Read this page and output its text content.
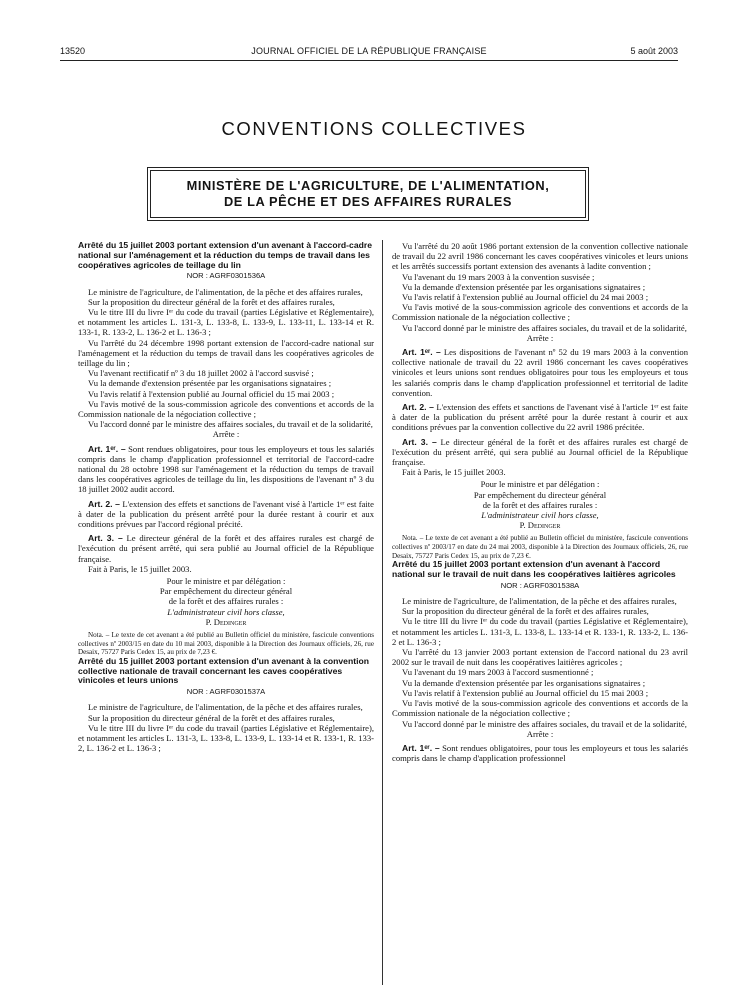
13520	JOURNAL OFFICIEL DE LA RÉPUBLIQUE FRANÇAISE	5 août 2003
CONVENTIONS COLLECTIVES
MINISTÈRE DE L'AGRICULTURE, DE L'ALIMENTATION,
DE LA PÊCHE ET DES AFFAIRES RURALES
Arrêté du 15 juillet 2003 portant extension d'un avenant à l'accord-cadre national sur l'aménagement et la réduction du temps de travail dans les coopératives agricoles de teillage du lin
NOR : AGRF0301536A

Le ministre de l'agriculture, de l'alimentation, de la pêche et des affaires rurales,

Sur la proposition du directeur général de la forêt et des affaires rurales,

Vu le titre III du livre Iᵉʳ du code du travail (parties Législative et Réglementaire), et notamment les articles L. 131-3, L. 133-8, L. 133-9, L. 133-11, L. 133-14 et R. 133-1, R. 133-2, L. 136-2 et L. 136-3 ;

Vu l'arrêté du 24 décembre 1998 portant extension de l'accord-cadre national sur l'aménagement et la réduction du temps de travail dans les coopératives agricoles de teillage du lin ;

Vu l'avenant rectificatif nº 3 du 18 juillet 2002 à l'accord susvisé ;

Vu la demande d'extension présentée par les organisations signataires ;

Vu l'avis relatif à l'extension publié au Journal officiel du 15 mai 2003 ;

Vu l'avis motivé de la sous-commission agricole des conventions et accords de la Commission nationale de la négociation collective ;

Vu l'accord donné par le ministre des affaires sociales, du travail et de la solidarité,

Arrête :

Art. 1ᵉʳ. – Sont rendues obligatoires, pour tous les employeurs et tous les salariés compris dans le champ d'application professionnel et territorial de l'accord-cadre national du 28 octobre 1998 sur l'aménagement et la réduction du temps de travail dans les coopératives agricoles de teillage du lin, les dispositions de l'avenant nº 3 du 18 juillet 2002 audit accord.

Art. 2. – L'extension des effets et sanctions de l'avenant visé à l'article 1ᵉʳ est faite à dater de la publication du présent arrêté pour la durée restant à courir et aux conditions prévues par l'accord régional précité.

Art. 3. – Le directeur général de la forêt et des affaires rurales est chargé de l'exécution du présent arrêté, qui sera publié au Journal officiel de la République française.

Fait à Paris, le 15 juillet 2003.

Pour le ministre et par délégation :
Par empêchement du directeur général
de la forêt et des affaires rurales :
L'administrateur civil hors classe,
P. Dedinger

Nota. – Le texte de cet avenant a été publié au Bulletin officiel du ministère, fascicule conventions collectives nº 2003/15 en date du 10 mai 2003, disponible à la Direction des Journaux officiels, 26, rue Desaix, 75727 Paris Cedex 15, au prix de 7,23 €.

Arrêté du 15 juillet 2003 portant extension d'un avenant à la convention collective nationale de travail concernant les caves coopératives vinicoles et leurs unions
NOR : AGRF0301537A

Le ministre de l'agriculture, de l'alimentation, de la pêche et des affaires rurales,

Sur la proposition du directeur général de la forêt et des affaires rurales,

Vu le titre III du livre Iᵉʳ du code du travail (parties Législative et Réglementaire), et notamment les articles L. 131-3, L. 133-8, L. 133-9, L. 133-14 et R. 133-1, R. 133-2, L. 136-2 et L. 136-3 ;

Vu l'arrêté du 20 août 1986 portant extension de la convention collective nationale de travail du 22 avril 1986 concernant les caves coopératives vinicoles et leurs unions et les arrêtés successifs portant extension des avenants à ladite convention ;

Vu l'avenant du 19 mars 2003 à la convention susvisée ;

Vu la demande d'extension présentée par les organisations signataires ;

Vu l'avis relatif à l'extension publié au Journal officiel du 24 mai 2003 ;

Vu l'avis motivé de la sous-commission agricole des conventions et accords de la Commission nationale de la négociation collective ;

Vu l'accord donné par le ministre des affaires sociales, du travail et de la solidarité,

Arrête :

Art. 1ᵉʳ. – Les dispositions de l'avenant nº 52 du 19 mars 2003 à la convention collective nationale de travail du 22 avril 1986 concernant les caves coopératives vinicoles et leurs unions sont rendues obligatoires pour tous les employeurs et tous les salariés compris dans le champ d'application professionnel et territorial de ladite convention.

Art. 2. – L'extension des effets et sanctions de l'avenant visé à l'article 1ᵉʳ est faite à dater de la publication du présent arrêté pour la durée restant à courir et aux conditions prévues par la convention collective du 22 avril 1986 précitée.

Art. 3. – Le directeur général de la forêt et des affaires rurales est chargé de l'exécution du présent arrêté, qui sera publié au Journal officiel de la République française.

Fait à Paris, le 15 juillet 2003.

Pour le ministre et par délégation :
Par empêchement du directeur général
de la forêt et des affaires rurales :
L'administrateur civil hors classe,
P. Dedinger

Nota. – Le texte de cet avenant a été publié au Bulletin officiel du ministère, fascicule conventions collectives nº 2003/17 en date du 24 mai 2003, disponible à la Direction des Journaux officiels, 26, rue Desaix, 75727 Paris Cedex 15, au prix de 7,23 €.

Arrêté du 15 juillet 2003 portant extension d'un avenant à l'accord national sur le travail de nuit dans les coopératives laitières agricoles
NOR : AGRF0301538A

Le ministre de l'agriculture, de l'alimentation, de la pêche et des affaires rurales,

Sur la proposition du directeur général de la forêt et des affaires rurales,

Vu le titre III du livre Iᵉʳ du code du travail (parties Législative et Réglementaire), et notamment les articles L. 131-3, L. 133-8, L. 133-14 et R. 133-1, R. 133-2, L. 136-2 et L. 136-3 ;

Vu l'arrêté du 13 janvier 2003 portant extension de l'accord national du 23 avril 2002 sur le travail de nuit dans les coopératives laitières agricoles ;

Vu l'avenant du 19 mars 2003 à l'accord susmentionné ;

Vu la demande d'extension présentée par les organisations signataires ;

Vu l'avis relatif à l'extension publié au Journal officiel du 15 mai 2003 ;

Vu l'avis motivé de la sous-commission agricole des conventions et accords de la Commission nationale de la négociation collective ;

Vu l'accord donné par le ministre des affaires sociales, du travail et de la solidarité,

Arrête :

Art. 1ᵉʳ. – Sont rendues obligatoires, pour tous les employeurs et tous les salariés compris dans le champ d'application professionnel
